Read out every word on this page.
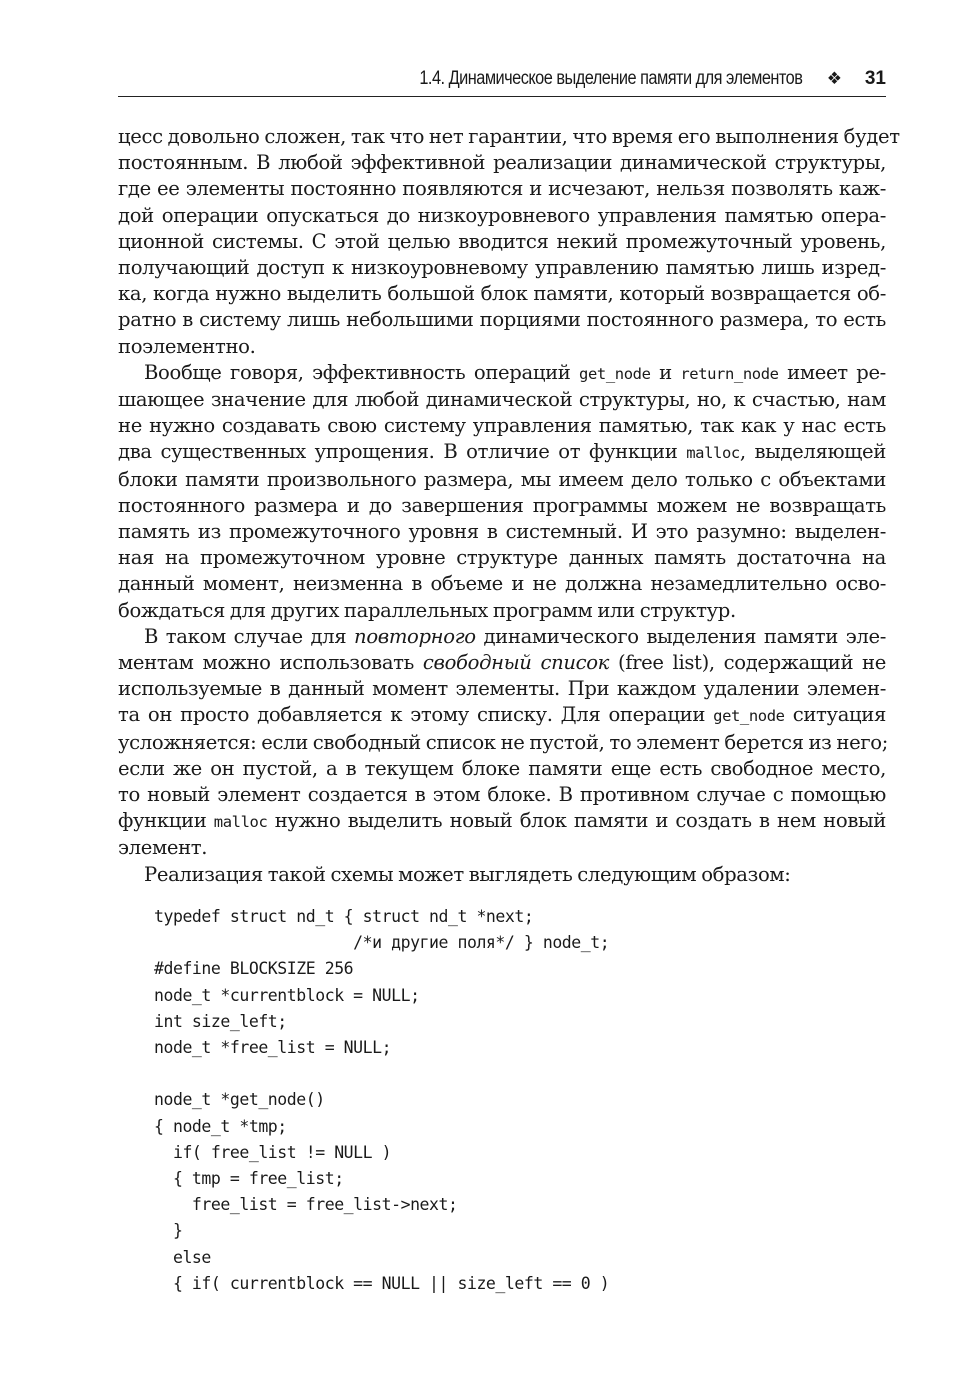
1.4. Динамическое выделение памяти для элементов ❖ 31
цесс довольно сложен, так что нет гарантии, что время его выполнения будет
постоянным. В любой эффективной реализации динамической структуры,
где ее элементы постоянно появляются и исчезают, нельзя позволять каж-
дой операции опускаться до низкоуровневого управления памятью опера-
ционной системы. С этой целью вводится некий промежуточный уровень,
получающий доступ к низкоуровневому управлению памятью лишь изред-
ка, когда нужно выделить большой блок памяти, который возвращается об-
ратно в систему лишь небольшими порциями постоянного размера, то есть
поэлементно.
Вообще говоря, эффективность операций get_node и return_node имеет ре-
шающее значение для любой динамической структуры, но, к счастью, нам
не нужно создавать свою систему управления памятью, так как у нас есть
два существенных упрощения. В отличие от функции malloc, выделяющей
блоки памяти произвольного размера, мы имеем дело только с объектами
постоянного размера и до завершения программы можем не возвращать
память из промежуточного уровня в системный. И это разумно: выделен-
ная на промежуточном уровне структуре данных память достаточна на
данный момент, неизменна в объеме и не должна незамедлительно осво-
бождаться для других параллельных программ или структур.
В таком случае для повторного динамического выделения памяти эле-
ментам можно использовать свободный список (free list), содержащий не
используемые в данный момент элементы. При каждом удалении элемен-
та он просто добавляется к этому списку. Для операции get_node ситуация
усложняется: если свободный список не пустой, то элемент берется из него;
если же он пустой, а в текущем блоке памяти еще есть свободное место,
то новый элемент создается в этом блоке. В противном случае с помощью
функции malloc нужно выделить новый блок памяти и создать в нем новый
элемент.
Реализация такой схемы может выглядеть следующим образом:
typedef struct nd_t { struct nd_t *next;
/*и другие поля*/ } node_t;
#define BLOCKSIZE 256
node_t *currentblock = NULL;
int size_left;
node_t *free_list = NULL;

node_t *get_node()
{ node_t *tmp;
if( free_list != NULL )
{ tmp = free_list;
free_list = free_list->next;
}
else
{ if( currentblock == NULL || size_left == 0 )
